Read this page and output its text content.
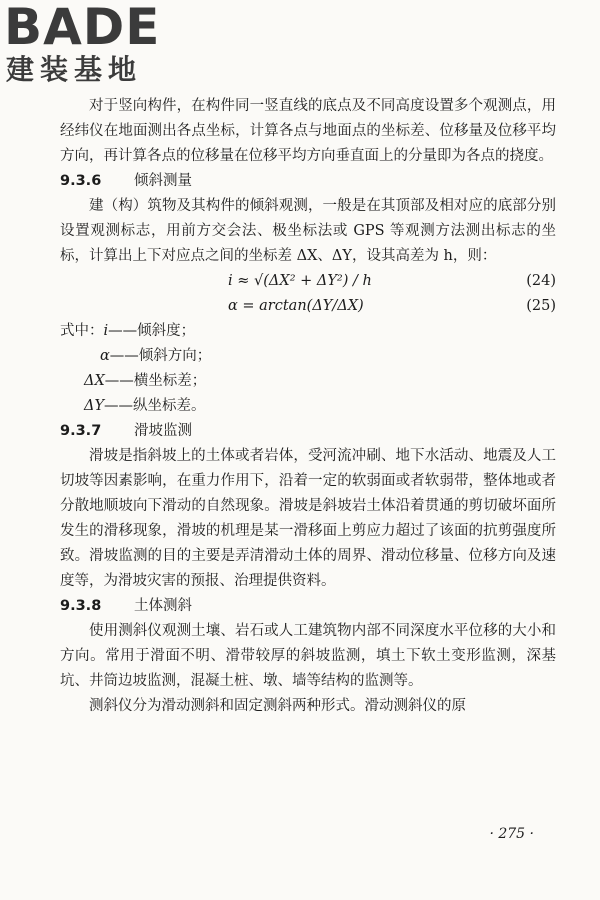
BADE
建装基地

对于竖向构件，在构件同一竖直线的底点及不同高度设置多个观测点，用经纬仪在地面测出各点坐标，计算各点与地面点的坐标差、位移量及位移平均方向，再计算各点的位移量在位移平均方向垂直面上的分量即为各点的挠度。

9.3.6 倾斜测量

建（构）筑物及其构件的倾斜观测，一般是在其顶部及相对应的底部分别设置观测标志，用前方交会法、极坐标法或 GPS 等观测方法测出标志的坐标，计算出上下对应点之间的坐标差 ΔX、ΔY，设其高差为 h，则：

i ≈ √(ΔX² + ΔY²) / h	(24)
α = arctan(ΔY/ΔX)	(25)

式中：i——倾斜度；

α——倾斜方向；

ΔX——横坐标差；

ΔY——纵坐标差。

9.3.7 滑坡监测

滑坡是指斜坡上的土体或者岩体，受河流冲刷、地下水活动、地震及人工切坡等因素影响，在重力作用下，沿着一定的软弱面或者软弱带，整体地或者分散地顺坡向下滑动的自然现象。滑坡是斜坡岩土体沿着贯通的剪切破坏面所发生的滑移现象，滑坡的机理是某一滑移面上剪应力超过了该面的抗剪强度所致。滑坡监测的目的主要是弄清滑动土体的周界、滑动位移量、位移方向及速度等，为滑坡灾害的预报、治理提供资料。

9.3.8 土体测斜

使用测斜仪观测土壤、岩石或人工建筑物内部不同深度水平位移的大小和方向。常用于滑面不明、滑带较厚的斜坡监测，填土下软土变形监测，深基坑、井筒边坡监测，混凝土桩、墩、墙等结构的监测等。

测斜仪分为滑动测斜和固定测斜两种形式。滑动测斜仪的原

· 275 ·
